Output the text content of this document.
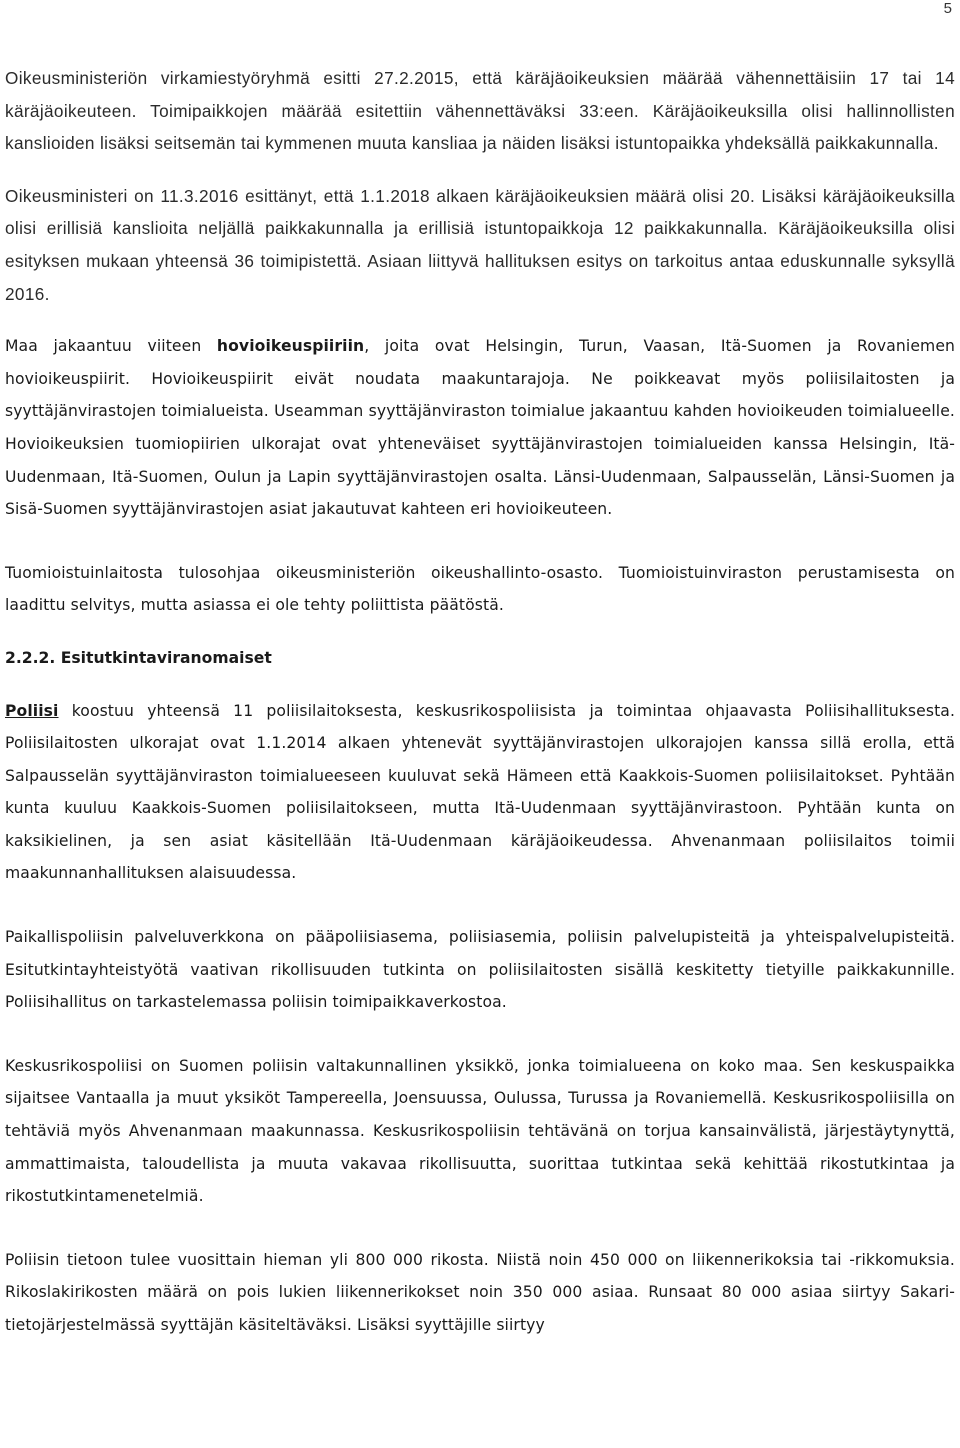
5

Oikeusministeriön virkamiestyöryhmä esitti 27.2.2015, että käräjäoikeuksien määrää vähennettäisiin 17 tai 14 käräjäoikeuteen. Toimipaikkojen määrää esitettiin vähennettäväksi 33:een. Käräjäoikeuksilla olisi hallinnollisten kanslioiden lisäksi seitsemän tai kymmenen muuta kansliaa ja näiden lisäksi istuntopaikka yhdeksällä paikkakunnalla.

Oikeusministeri on 11.3.2016 esittänyt, että 1.1.2018 alkaen käräjäoikeuksien määrä olisi 20. Lisäksi käräjäoikeuksilla olisi erillisiä kanslioita neljällä paikkakunnalla ja erillisiä istuntopaikkoja 12 paikkakunnalla. Käräjäoikeuksilla olisi esityksen mukaan yhteensä 36 toimipistettä. Asiaan liittyvä hallituksen esitys on tarkoitus antaa eduskunnalle syksyllä 2016.

Maa jakaantuu viiteen hovioikeuspiiriin, joita ovat Helsingin, Turun, Vaasan, Itä-Suomen ja Rovaniemen hovioikeuspiirit. Hovioikeuspiirit eivät noudata maakuntarajoja. Ne poikkeavat myös poliisilaitosten ja syyttäjänvirastojen toimialueista. Useamman syyttäjänviraston toimialue jakaantuu kahden hovioikeuden toimialueelle. Hovioikeuksien tuomiopiirien ulkorajat ovat yhteneväiset syyttäjänvirastojen toimialueiden kanssa Helsingin, Itä-Uudenmaan, Itä-Suomen, Oulun ja Lapin syyttäjänvirastojen osalta. Länsi-Uudenmaan, Salpausselän, Länsi-Suomen ja Sisä-Suomen syyttäjänvirastojen asiat jakautuvat kahteen eri hovioikeuteen.

Tuomioistuinlaitosta tulosohjaa oikeusministeriön oikeushallinto-osasto. Tuomioistuinviraston perustamisesta on laadittu selvitys, mutta asiassa ei ole tehty poliittista päätöstä.

2.2.2. Esitutkintaviranomaiset

Poliisi koostuu yhteensä 11 poliisilaitoksesta, keskusrikospoliisista ja toimintaa ohjaavasta Poliisihallituksesta. Poliisilaitosten ulkorajat ovat 1.1.2014 alkaen yhtenevät syyttäjänvirastojen ulkorajojen kanssa sillä erolla, että Salpausselän syyttäjänviraston toimialueeseen kuuluvat sekä Hämeen että Kaakkois-Suomen poliisilaitokset. Pyhtään kunta kuuluu Kaakkois-Suomen poliisilaitokseen, mutta Itä-Uudenmaan syyttäjänvirastoon. Pyhtään kunta on kaksikielinen, ja sen asiat käsitellään Itä-Uudenmaan käräjäoikeudessa. Ahvenanmaan poliisilaitos toimii maakunnanhallituksen alaisuudessa.

Paikallispoliisin palveluverkkona on pääpoliisiasema, poliisiasemia, poliisin palvelupisteitä ja yhteispalvelupisteitä. Esitutkintayhteistyötä vaativan rikollisuuden tutkinta on poliisilaitosten sisällä keskitetty tietyille paikkakunnille. Poliisihallitus on tarkastelemassa poliisin toimipaikkaverkostoa.

Keskusrikospoliisi on Suomen poliisin valtakunnallinen yksikkö, jonka toimialueena on koko maa. Sen keskuspaikka sijaitsee Vantaalla ja muut yksiköt Tampereella, Joensuussa, Oulussa, Turussa ja Rovaniemellä. Keskusrikospoliisilla on tehtäviä myös Ahvenanmaan maakunnassa. Keskusrikospoliisin tehtävänä on torjua kansainvälistä, järjestäytynyttä, ammattimaista, taloudellista ja muuta vakavaa rikollisuutta, suorittaa tutkintaa sekä kehittää rikostutkintaa ja rikostutkintamenetelmiä.

Poliisin tietoon tulee vuosittain hieman yli 800 000 rikosta. Niistä noin 450 000 on liikennerikoksia tai -rikkomuksia. Rikoslakirikosten määrä on pois lukien liikennerikokset noin 350 000 asiaa. Runsaat 80 000 asiaa siirtyy Sakari-tietojärjestelmässä syyttäjän käsiteltäväksi. Lisäksi syyttäjille siirtyy
